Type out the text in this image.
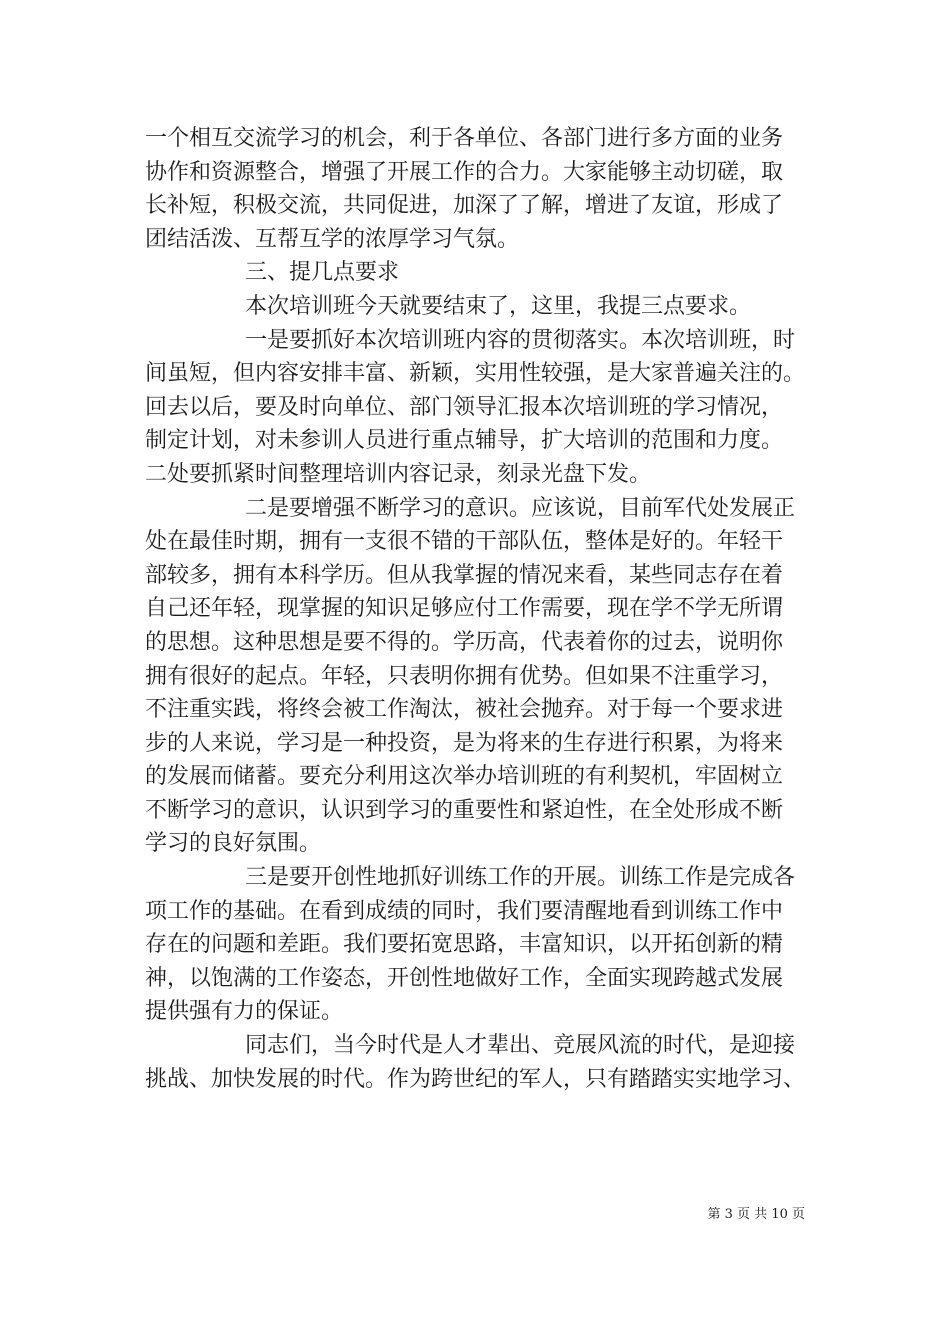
一个相互交流学习的机会，利于各单位、各部门进行多方面的业务
协作和资源整合，增强了开展工作的合力。大家能够主动切磋，取
长补短，积极交流，共同促进，加深了了解，增进了友谊，形成了
团结活泼、互帮互学的浓厚学习气氛。
三、提几点要求
本次培训班今天就要结束了，这里，我提三点要求。
一是要抓好本次培训班内容的贯彻落实。本次培训班，时
间虽短，但内容安排丰富、新颖，实用性较强，是大家普遍关注的。
回去以后，要及时向单位、部门领导汇报本次培训班的学习情况，
制定计划，对未参训人员进行重点辅导，扩大培训的范围和力度。
二处要抓紧时间整理培训内容记录，刻录光盘下发。
二是要增强不断学习的意识。应该说，目前军代处发展正
处在最佳时期，拥有一支很不错的干部队伍，整体是好的。年轻干
部较多，拥有本科学历。但从我掌握的情况来看，某些同志存在着
自己还年轻，现掌握的知识足够应付工作需要，现在学不学无所谓
的思想。这种思想是要不得的。学历高，代表着你的过去，说明你
拥有很好的起点。年轻，只表明你拥有优势。但如果不注重学习，
不注重实践，将终会被工作淘汰，被社会抛弃。对于每一个要求进
步的人来说，学习是一种投资，是为将来的生存进行积累，为将来
的发展而储蓄。要充分利用这次举办培训班的有利契机，牢固树立
不断学习的意识，认识到学习的重要性和紧迫性，在全处形成不断
学习的良好氛围。
三是要开创性地抓好训练工作的开展。训练工作是完成各
项工作的基础。在看到成绩的同时，我们要清醒地看到训练工作中
存在的问题和差距。我们要拓宽思路，丰富知识，以开拓创新的精
神，以饱满的工作姿态，开创性地做好工作，全面实现跨越式发展
提供强有力的保证。
同志们，当今时代是人才辈出、竞展风流的时代，是迎接
挑战、加快发展的时代。作为跨世纪的军人，只有踏踏实实地学习、
第 3 页 共 10 页
